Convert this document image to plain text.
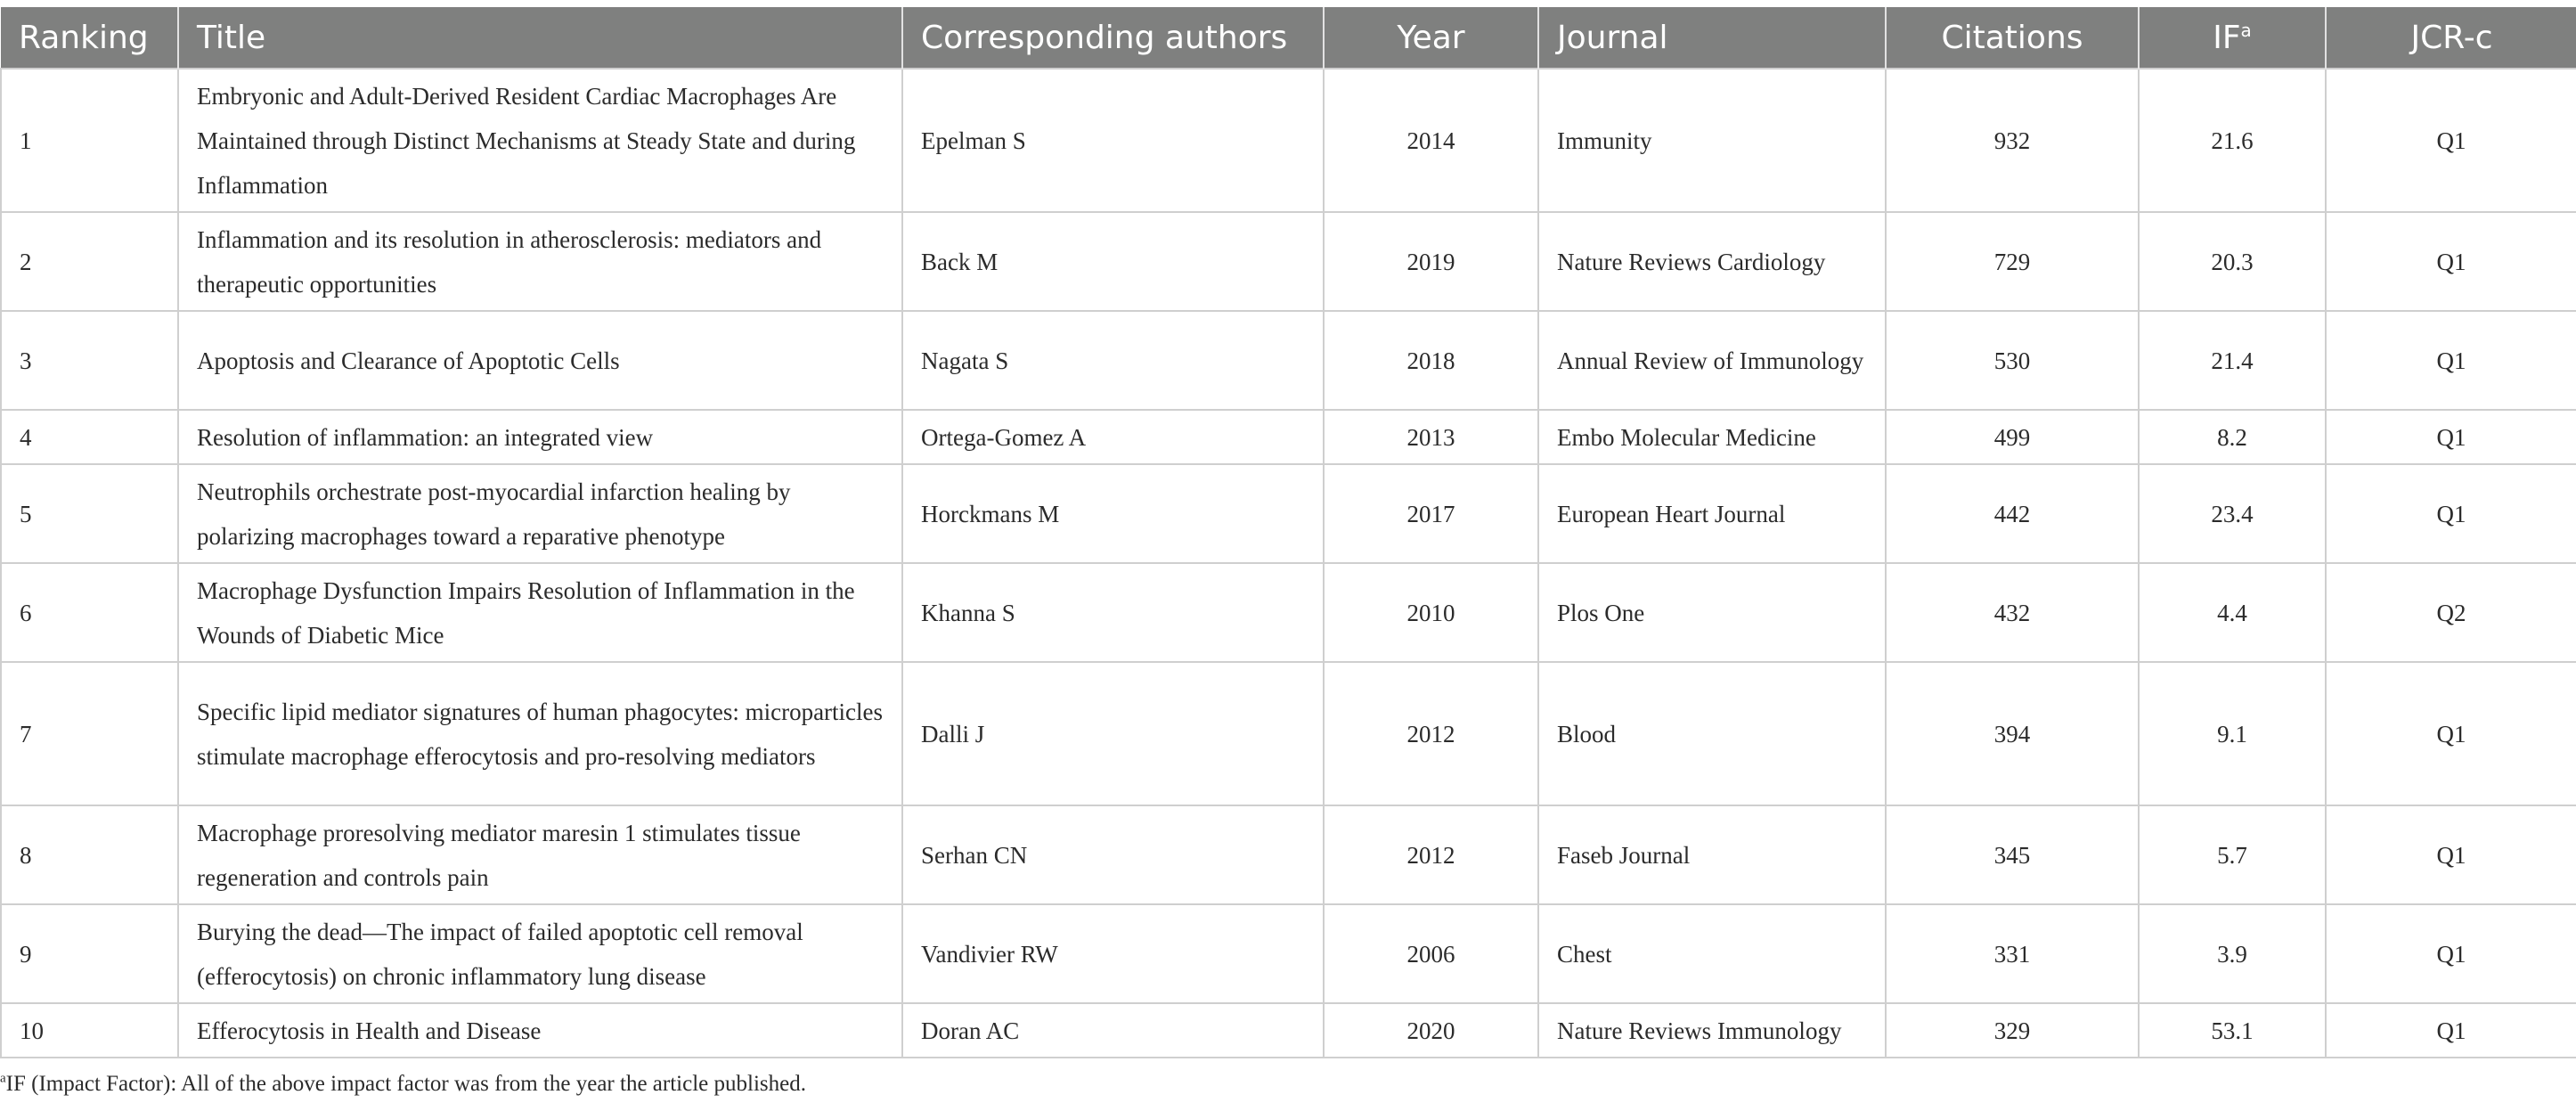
Ranking	Title	Corresponding authors	Year	Journal	Citations	$IF^a$	JCR-c
1	Embryonic and Adult-Derived Resident Cardiac Macrophages Are Maintained through Distinct Mechanisms at Steady State and during Inflammation	Epelman S	2014	Immunity	932	21.6	Q1
2	Inflammation and its resolution in atherosclerosis: mediators and therapeutic opportunities	Back M	2019	Nature Reviews Cardiology	729	20.3	Q1
3	Apoptosis and Clearance of Apoptotic Cells	Nagata S	2018	Annual Review of Immunology	530	21.4	Q1
4	Resolution of inflammation: an integrated view	Ortega-Gomez A	2013	Embo Molecular Medicine	499	8.2	Q1
5	Neutrophils orchestrate post-myocardial infarction healing by polarizing macrophages toward a reparative phenotype	Horckmans M	2017	European Heart Journal	442	23.4	Q1
6	Macrophage Dysfunction Impairs Resolution of Inflammation in the Wounds of Diabetic Mice	Khanna S	2010	Plos One	432	4.4	Q2
7	Specific lipid mediator signatures of human phagocytes: microparticles stimulate macrophage efferocytosis and pro-resolving mediators	Dalli J	2012	Blood	394	9.1	Q1
8	Macrophage proresolving mediator maresin 1 stimulates tissue regeneration and controls pain	Serhan CN	2012	Faseb Journal	345	5.7	Q1
9	Burying the dead—The impact of failed apoptotic cell removal (efferocytosis) on chronic inflammatory lung disease	Vandivier RW	2006	Chest	331	3.9	Q1
10	Efferocytosis in Health and Disease	Doran AC	2020	Nature Reviews Immunology	329	53.1	Q1
$^a$IF (Impact Factor): All of the above impact factor was from the year the article published.
